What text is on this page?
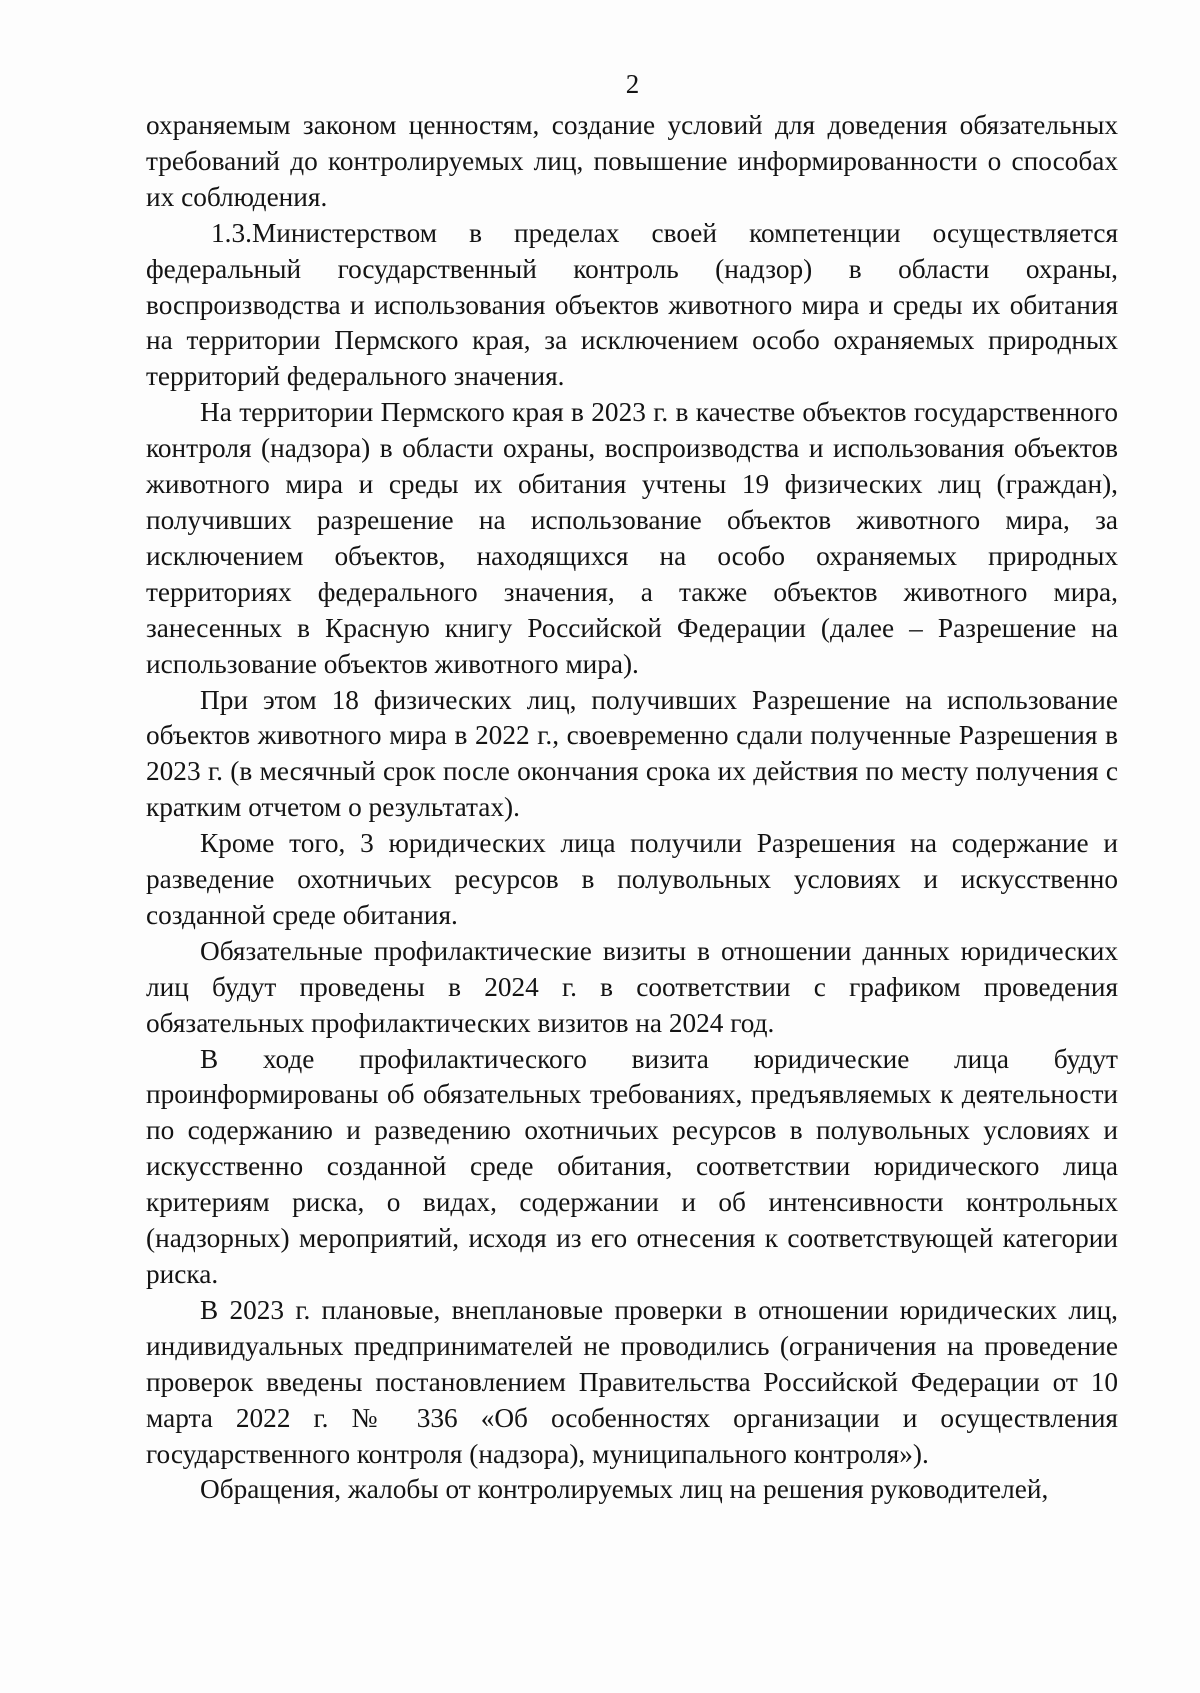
2

охраняемым законом ценностям, создание условий для доведения обязательных требований до контролируемых лиц, повышение информированности о способах их соблюдения.

1.3.Министерством в пределах своей компетенции осуществляется федеральный государственный контроль (надзор) в области охраны, воспроизводства и использования объектов животного мира и среды их обитания на территории Пермского края, за исключением особо охраняемых природных территорий федерального значения.

На территории Пермского края в 2023 г. в качестве объектов государственного контроля (надзора) в области охраны, воспроизводства и использования объектов животного мира и среды их обитания учтены 19 физических лиц (граждан), получивших разрешение на использование объектов животного мира, за исключением объектов, находящихся на особо охраняемых природных территориях федерального значения, а также объектов животного мира, занесенных в Красную книгу Российской Федерации (далее – Разрешение на использование объектов животного мира).

При этом 18 физических лиц, получивших Разрешение на использование объектов животного мира в 2022 г., своевременно сдали полученные Разрешения в 2023 г. (в месячный срок после окончания срока их действия по месту получения с кратким отчетом о результатах).

Кроме того, 3 юридических лица получили Разрешения на содержание и разведение охотничьих ресурсов в полувольных условиях и искусственно созданной среде обитания.

Обязательные профилактические визиты в отношении данных юридических лиц будут проведены в 2024 г. в соответствии с графиком проведения обязательных профилактических визитов на 2024 год.

В ходе профилактического визита юридические лица будут проинформированы об обязательных требованиях, предъявляемых к деятельности по содержанию и разведению охотничьих ресурсов в полувольных условиях и искусственно созданной среде обитания, соответствии юридического лица критериям риска, о видах, содержании и об интенсивности контрольных (надзорных) мероприятий, исходя из его отнесения к соответствующей категории риска.

В 2023 г. плановые, внеплановые проверки в отношении юридических лиц, индивидуальных предпринимателей не проводились (ограничения на проведение проверок введены постановлением Правительства Российской Федерации от 10 марта 2022 г. № 336 «Об особенностях организации и осуществления государственного контроля (надзора), муниципального контроля»).

Обращения, жалобы от контролируемых лиц на решения руководителей,
